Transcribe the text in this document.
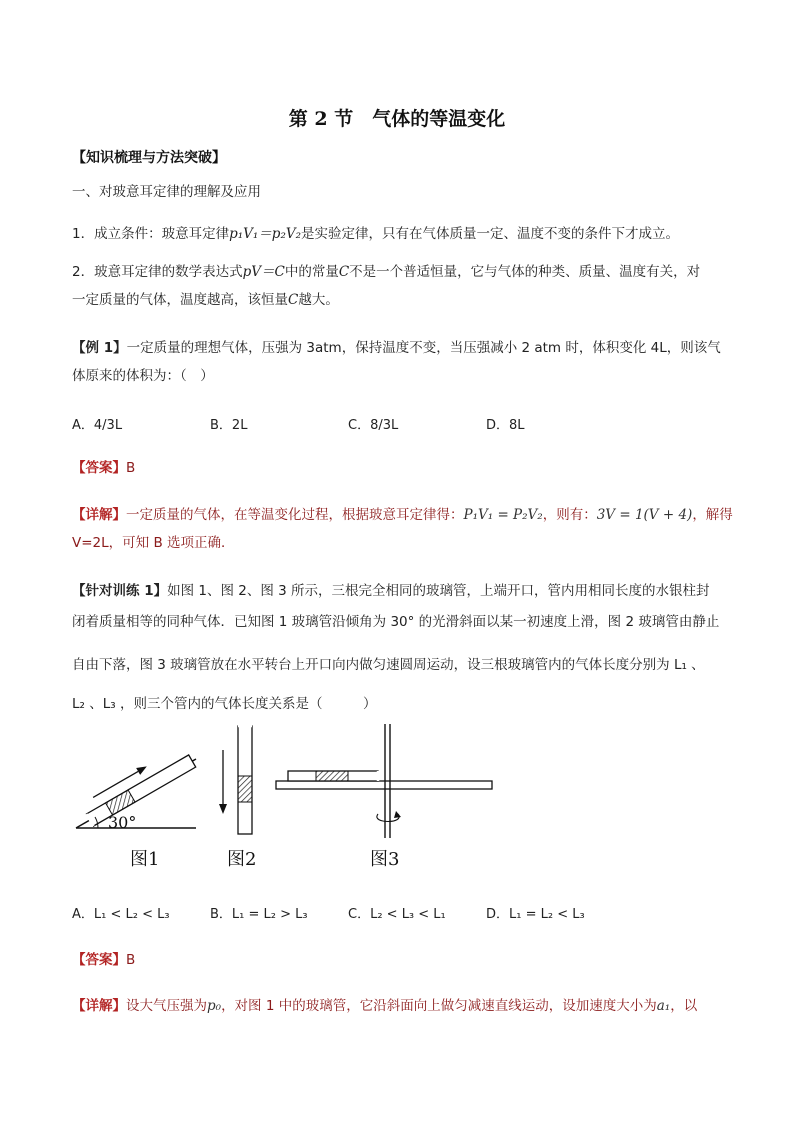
第 2 节　气体的等温变化
【知识梳理与方法突破】
一、对玻意耳定律的理解及应用
1．成立条件：玻意耳定律p₁V₁＝p₂V₂是实验定律，只有在气体质量一定、温度不变的条件下才成立。
2．玻意耳定律的数学表达式pV＝C中的常量C不是一个普适恒量，它与气体的种类、质量、温度有关，对
一定质量的气体，温度越高，该恒量C越大。
【例 1】一定质量的理想气体，压强为 3atm，保持温度不变，当压强减小 2 atm 时，体积变化 4L，则该气
体原来的体积为：（　）
A．4/3L	B．2L	C．8/3L	D．8L
【答案】B
【详解】一定质量的气体，在等温变化过程，根据玻意耳定律得：P₁V₁ = P₂V₂，则有：3V = 1(V + 4)，解得
V=2L，可知 B 选项正确．
【针对训练 1】如图 1、图 2、图 3 所示，三根完全相同的玻璃管，上端开口，管内用相同长度的水银柱封
闭着质量相等的同种气体．已知图 1 玻璃管沿倾角为 30° 的光滑斜面以某一初速度上滑，图 2 玻璃管由静止
自由下落，图 3 玻璃管放在水平转台上开口向内做匀速圆周运动，设三根玻璃管内的气体长度分别为 L₁ 、
L₂ 、L₃ ，则三个管内的气体长度关系是（　　　）
30°
图1	图2	图3
A．L₁ < L₂ < L₃	B．L₁ = L₂ > L₃	C．L₂ < L₃ < L₁	D．L₁ = L₂ < L₃
【答案】B
【详解】设大气压强为p₀，对图 1 中的玻璃管，它沿斜面向上做匀减速直线运动，设加速度大小为a₁，以
